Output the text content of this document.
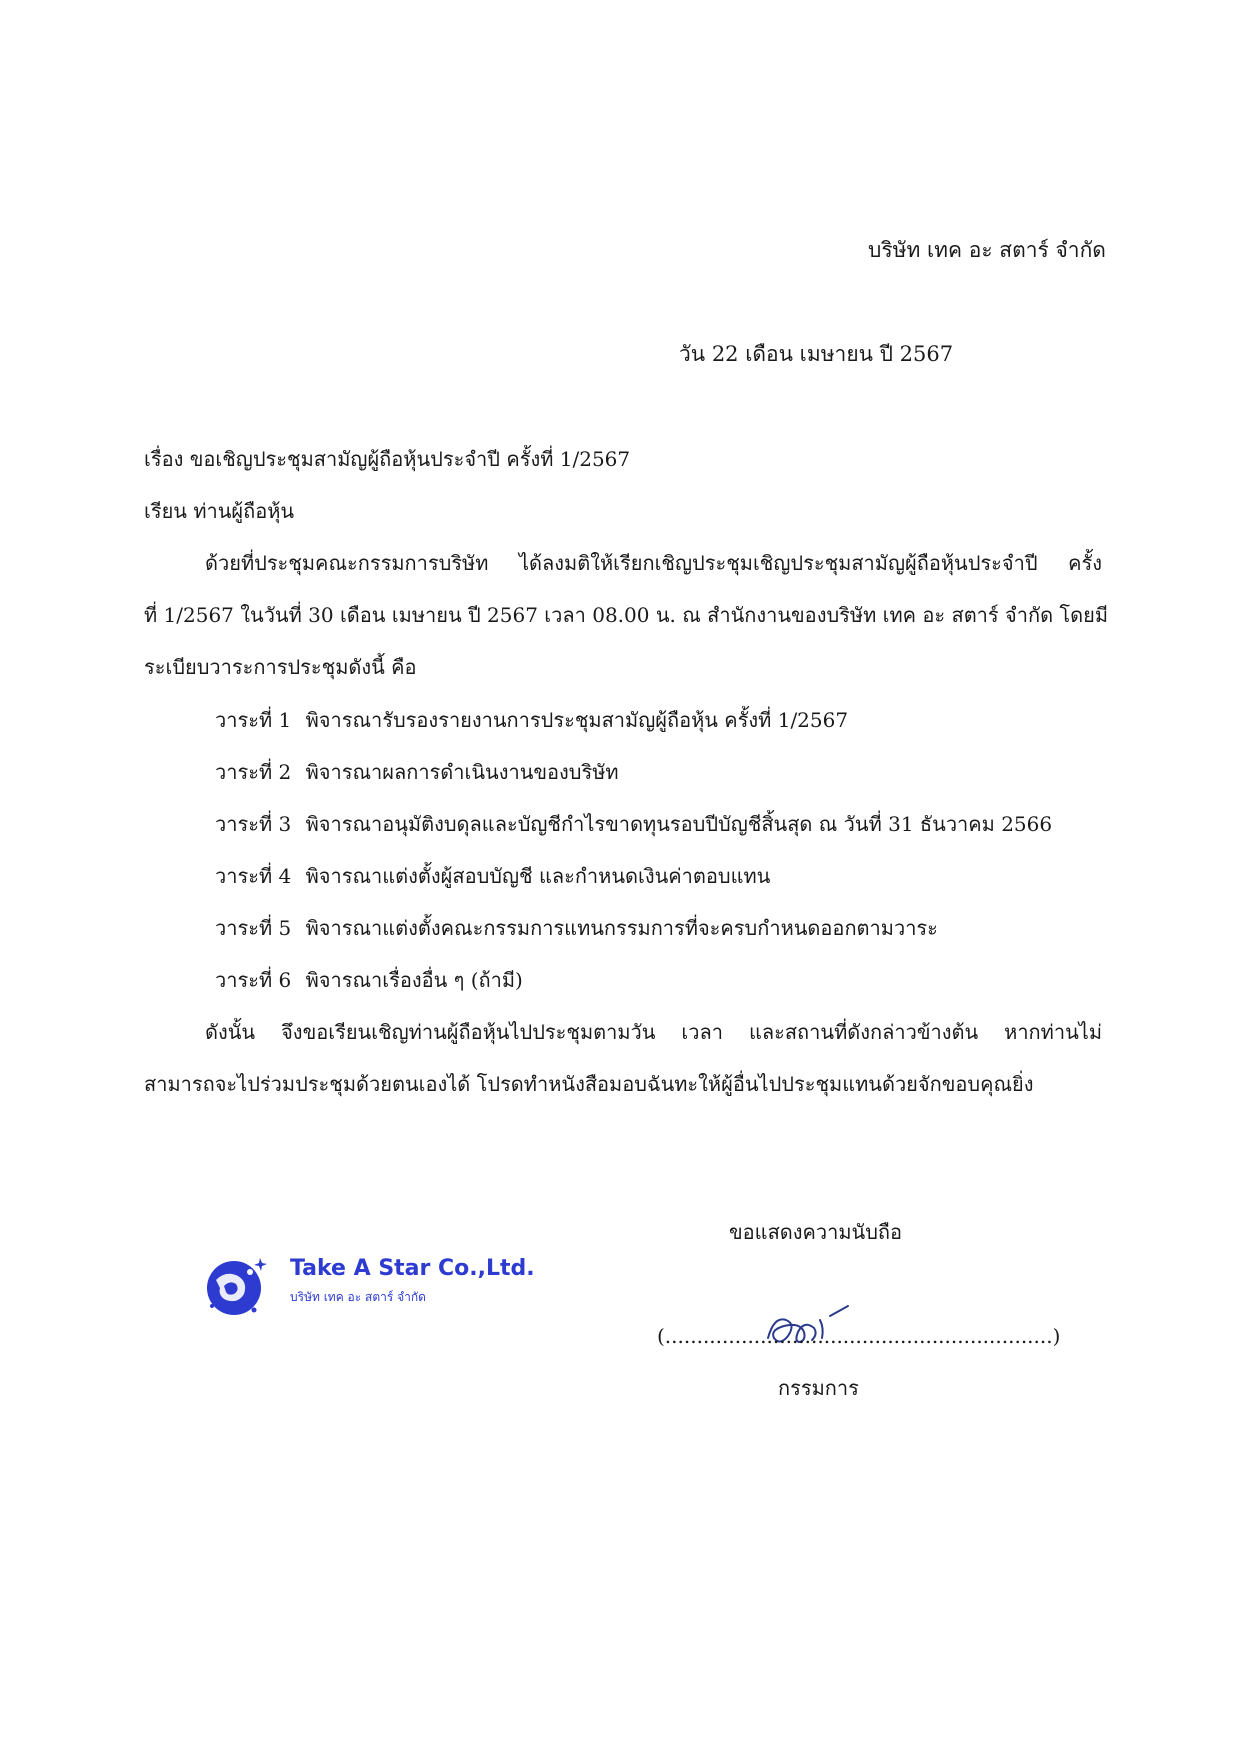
บริษัท เทค อะ สตาร์ จำกัด
วัน 22 เดือน เมษายน ปี 2567
เรื่อง ขอเชิญประชุมสามัญผู้ถือหุ้นประจำปี ครั้งที่ 1/2567
เรียน ท่านผู้ถือหุ้น
ด้วยที่ประชุมคณะกรรมการบริษัท ได้ลงมติให้เรียกเชิญประชุมเชิญประชุมสามัญผู้ถือหุ้นประจำปี ครั้ง
ที่ 1/2567 ในวันที่ 30 เดือน เมษายน ปี 2567 เวลา 08.00 น. ณ สำนักงานของบริษัท เทค อะ สตาร์ จำกัด โดยมี
ระเบียบวาระการประชุมดังนี้ คือ
วาระที่ 1 พิจารณารับรองรายงานการประชุมสามัญผู้ถือหุ้น ครั้งที่ 1/2567
วาระที่ 2 พิจารณาผลการดำเนินงานของบริษัท
วาระที่ 3 พิจารณาอนุมัติงบดุลและบัญชีกำไรขาดทุนรอบปีบัญชีสิ้นสุด ณ วันที่ 31 ธันวาคม 2566
วาระที่ 4 พิจารณาแต่งตั้งผู้สอบบัญชี และกำหนดเงินค่าตอบแทน
วาระที่ 5 พิจารณาแต่งตั้งคณะกรรมการแทนกรรมการที่จะครบกำหนดออกตามวาระ
วาระที่ 6 พิจารณาเรื่องอื่น ๆ (ถ้ามี)
ดังนั้น จึงขอเรียนเชิญท่านผู้ถือหุ้นไปประชุมตามวัน เวลา และสถานที่ดังกล่าวข้างต้น หากท่านไม่
สามารถจะไปร่วมประชุมด้วยตนเองได้ โปรดทำหนังสือมอบฉันทะให้ผู้อื่นไปประชุมแทนด้วยจักขอบคุณยิ่ง
ขอแสดงความนับถือ
Take A Star Co.,Ltd.
บริษัท เทค อะ สตาร์ จำกัด
(.............................................................)
กรรมการ
